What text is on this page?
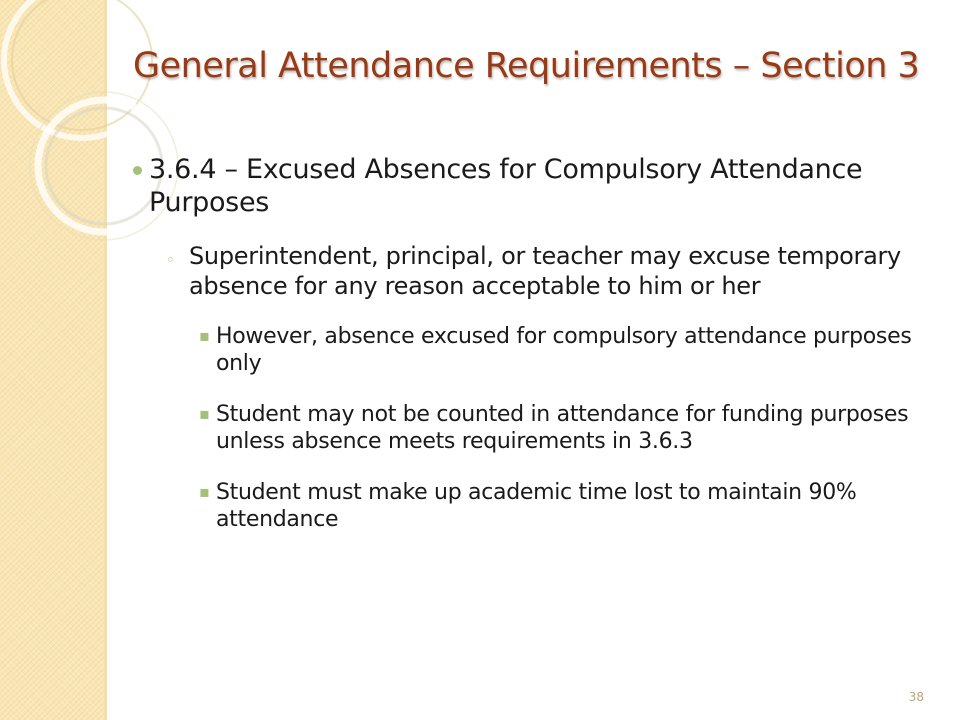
General Attendance Requirements – Section 3
3.6.4 – Excused Absences for Compulsory Attendance Purposes
◦ Superintendent, principal, or teacher may excuse temporary absence for any reason acceptable to him or her
▪ However, absence excused for compulsory attendance purposes only
▪ Student may not be counted in attendance for funding purposes unless absence meets requirements in 3.6.3
▪ Student must make up academic time lost to maintain 90% attendance
38
